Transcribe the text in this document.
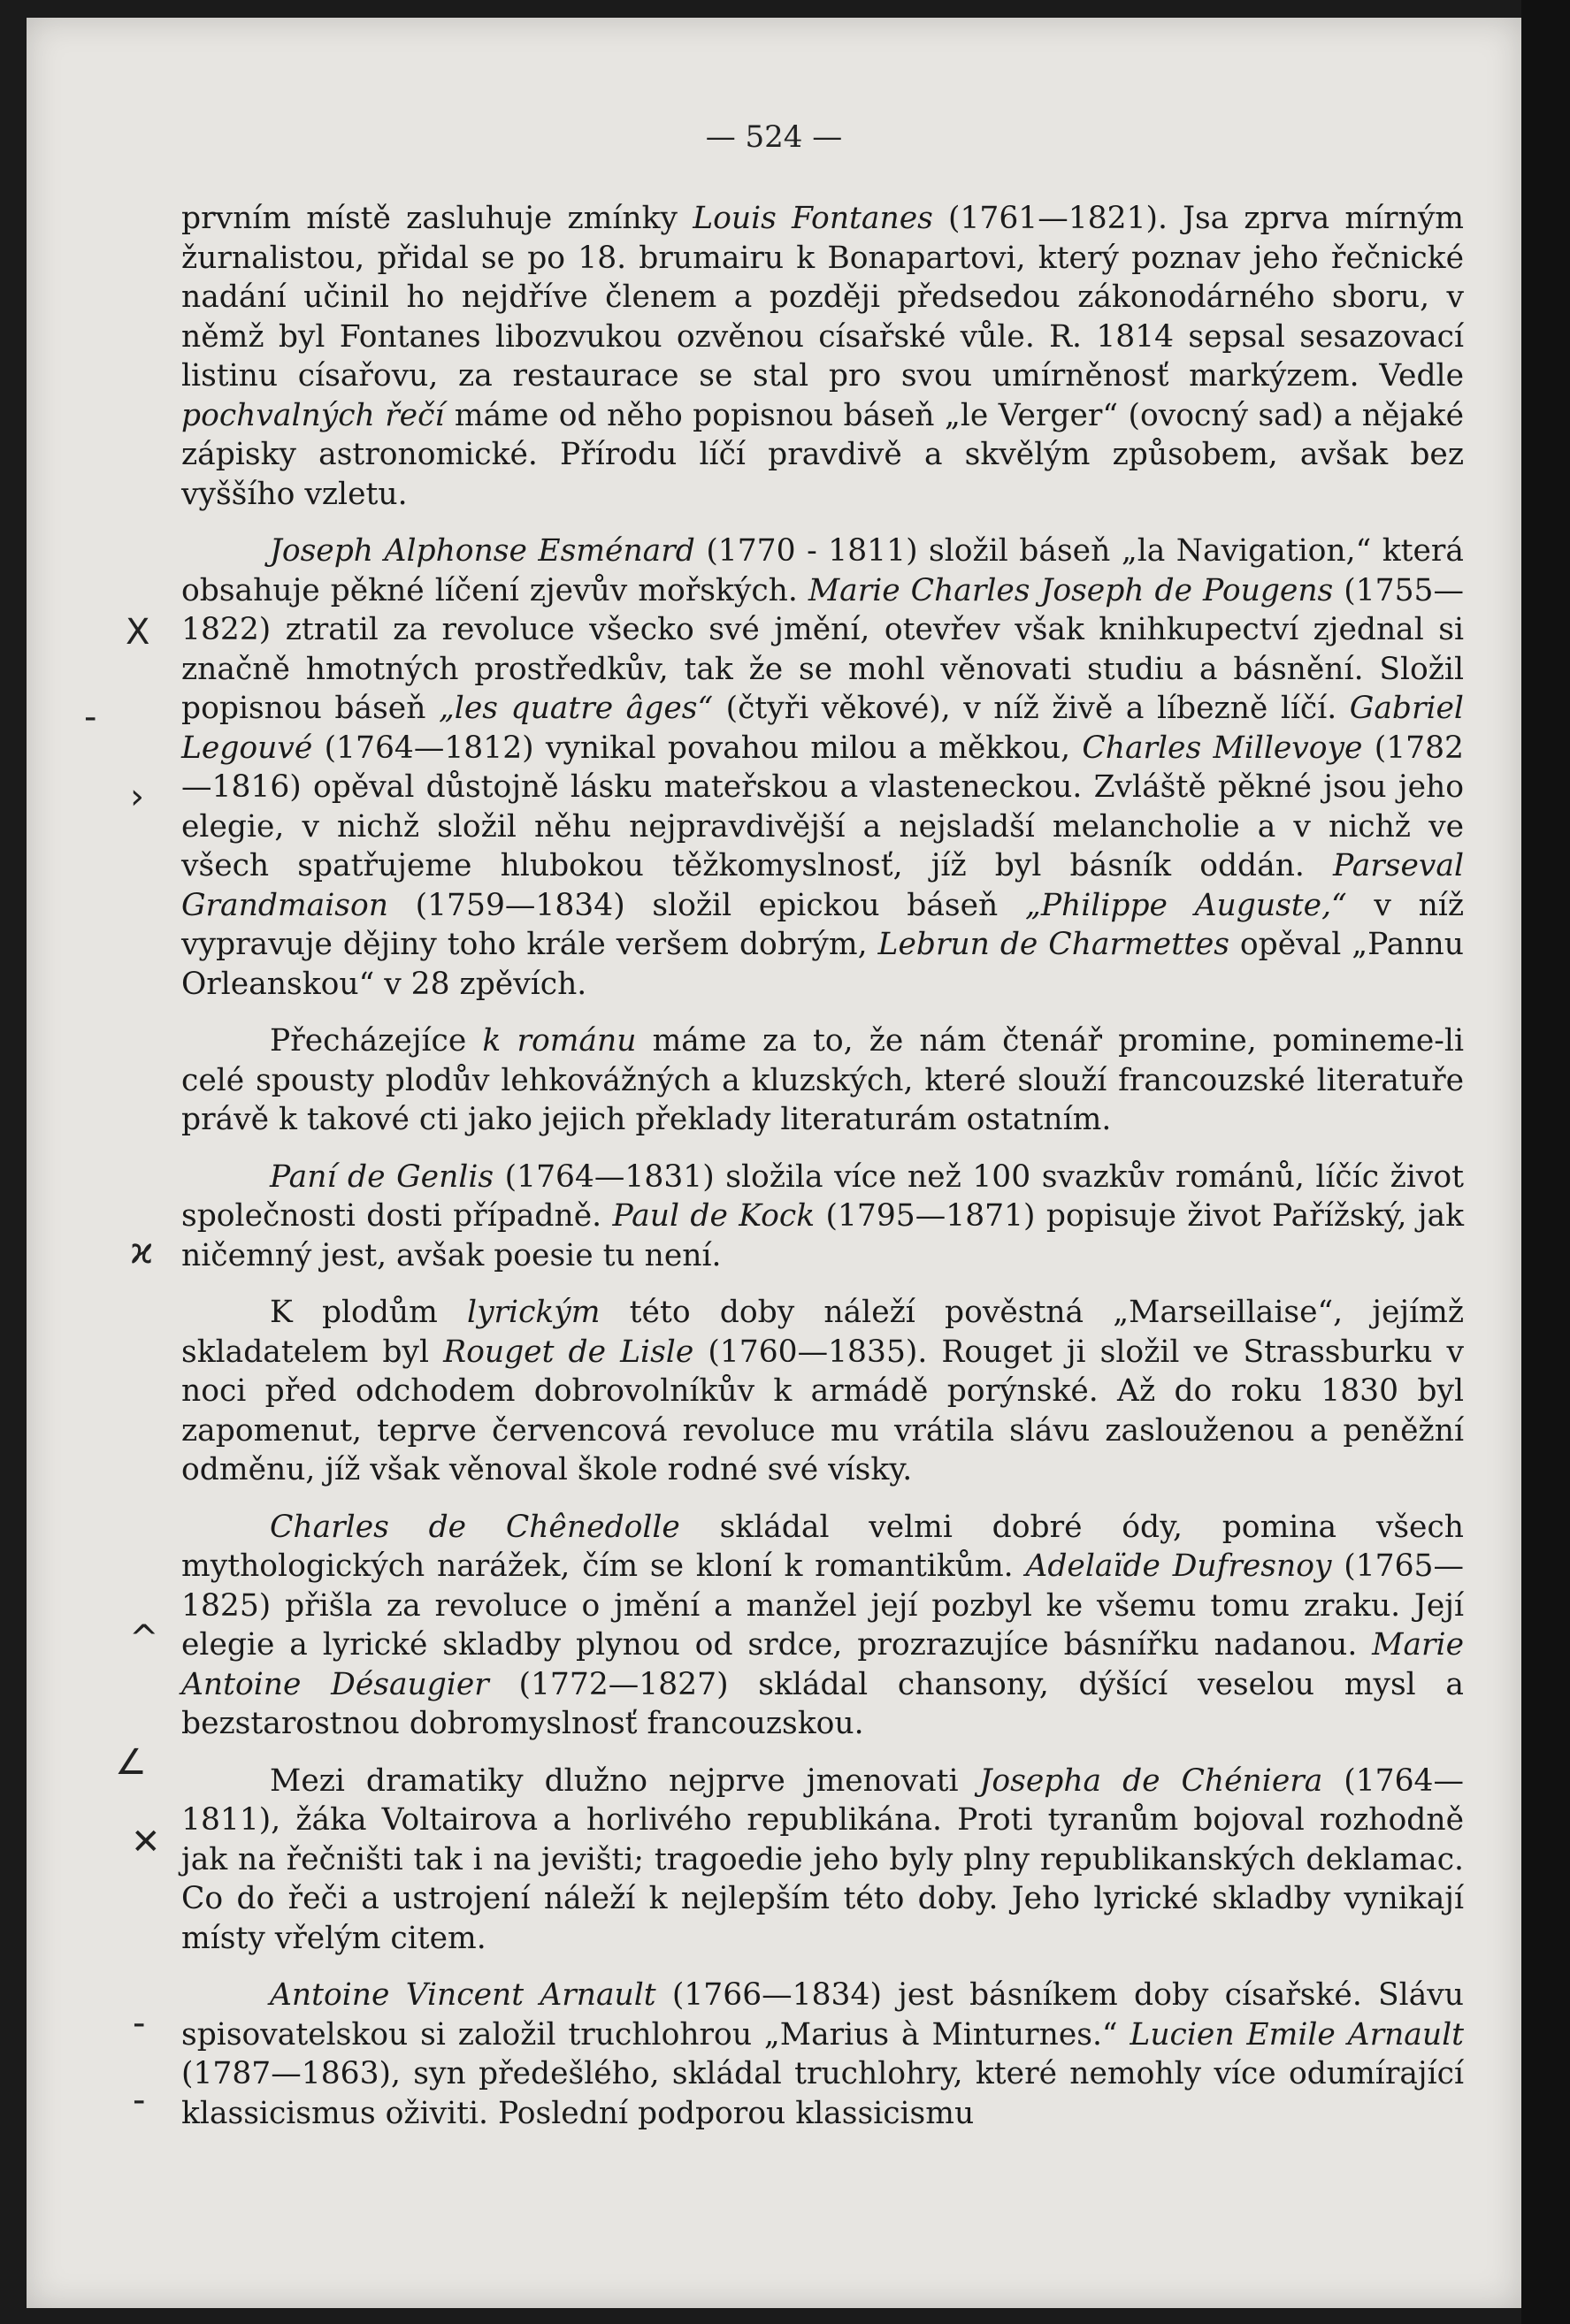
— 524 —

prvním místě zasluhuje zmínky Louis Fontanes (1761—1821). Jsa zprva mírným žurnalistou, přidal se po 18. brumairu k Bonapartovi, který poznav jeho řečnické nadání učinil ho nejdříve členem a později předsedou zákonodárného sboru, v němž byl Fontanes libozvukou ozvěnou císařské vůle. R. 1814 sepsal sesazovací listinu císařovu, za restaurace se stal pro svou umírněnosť markýzem. Vedle pochvalných řečí máme od něho popisnou báseň „le Verger“ (ovocný sad) a nějaké zápisky astronomické. Přírodu líčí pravdivě a skvělým způsobem, avšak bez vyššího vzletu.

Joseph Alphonse Esménard (1770 - 1811) složil báseň „la Navigation,“ která obsahuje pěkné líčení zjevův mořských. Marie Charles Joseph de Pougens (1755—1822) ztratil za revoluce všecko své jmění, otevřev však knihkupectví zjednal si značně hmotných prostředkův, tak že se mohl věnovati studiu a básnění. Složil popisnou báseň „les quatre âges“ (čtyři věkové), v níž živě a líbezně líčí. Gabriel Legouvé (1764—1812) vynikal povahou milou a měkkou, Charles Millevoye (1782—1816) opěval důstojně lásku mateřskou a vlasteneckou. Zvláště pěkné jsou jeho elegie, v nichž složil něhu nejpravdivější a nejsladší melancholie a v nichž ve všech spatřujeme hlubokou těžkomyslnosť, jíž byl básník oddán. Parseval Grandmaison (1759—1834) složil epickou báseň „Philippe Auguste,“ v níž vypravuje dějiny toho krále veršem dobrým, Lebrun de Charmettes opěval „Pannu Orleanskou“ v 28 zpěvích.

Přecházejíce k románu máme za to, že nám čtenář promine, pomineme-li celé spousty plodův lehkovážných a kluzských, které slouží francouzské literatuře právě k takové cti jako jejich překlady literaturám ostatním.

Paní de Genlis (1764—1831) složila více než 100 svazkův románů, líčíc život společnosti dosti případně. Paul de Kock (1795—1871) popisuje život Pařížský, jak ničemný jest, avšak poesie tu není.

K plodům lyrickým této doby náleží pověstná „Marseillaise“, jejímž skladatelem byl Rouget de Lisle (1760—1835). Rouget ji složil ve Strassburku v noci před odchodem dobrovolníkův k armádě porýnské. Až do roku 1830 byl zapomenut, teprve červencová revoluce mu vrátila slávu zaslouženou a peněžní odměnu, jíž však věnoval škole rodné své vísky.

Charles de Chênedolle skládal velmi dobré ódy, pomina všech mythologických narážek, čím se kloní k romantikům. Adelaïde Dufresnoy (1765—1825) přišla za revoluce o jmění a manžel její pozbyl ke všemu tomu zraku. Její elegie a lyrické skladby plynou od srdce, prozrazujíce básnířku nadanou. Marie Antoine Désaugier (1772—1827) skládal chansony, dýšící veselou mysl a bezstarostnou dobromyslnosť francouzskou.

Mezi dramatiky dlužno nejprve jmenovati Josepha de Chéniera (1764—1811), žáka Voltairova a horlivého republikána. Proti tyranům bojoval rozhodně jak na řečništi tak i na jevišti; tragoedie jeho byly plny republikanských deklamac. Co do řeči a ustrojení náleží k nejlepším této doby. Jeho lyrické skladby vynikají místy vřelým citem.

Antoine Vincent Arnault (1766—1834) jest básníkem doby císařské. Slávu spisovatelskou si založil truchlohrou „Marius à Minturnes.“ Lucien Emile Arnault (1787—1863), syn předešlého, skládal truchlohry, které nemohly více odumírající klassicismus oživiti. Poslední podporou klassicismu

X
›
-
ϰ
^
∠
✕
-
-
